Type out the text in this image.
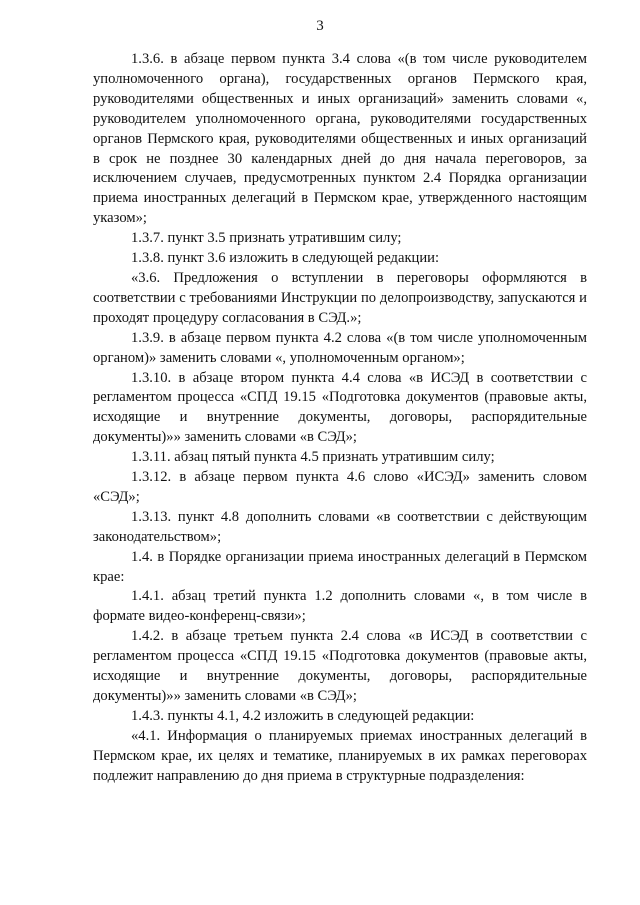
3

1.3.6. в абзаце первом пункта 3.4 слова «(в том числе руководителем уполномоченного органа), государственных органов Пермского края, руководителями общественных и иных организаций» заменить словами «, руководителем уполномоченного органа, руководителями государственных органов Пермского края, руководителями общественных и иных организаций в срок не позднее 30 календарных дней до дня начала переговоров, за исключением случаев, предусмотренных пунктом 2.4 Порядка организации приема иностранных делегаций в Пермском крае, утвержденного настоящим указом»;

1.3.7. пункт 3.5 признать утратившим силу;

1.3.8. пункт 3.6 изложить в следующей редакции:

«3.6. Предложения о вступлении в переговоры оформляются в соответствии с требованиями Инструкции по делопроизводству, запускаются и проходят процедуру согласования в СЭД.»;

1.3.9. в абзаце первом пункта 4.2 слова «(в том числе уполномоченным органом)» заменить словами «, уполномоченным органом»;

1.3.10. в абзаце втором пункта 4.4 слова «в ИСЭД в соответствии с регламентом процесса «СПД 19.15 «Подготовка документов (правовые акты, исходящие и внутренние документы, договоры, распорядительные документы)»» заменить словами «в СЭД»;

1.3.11. абзац пятый пункта 4.5 признать утратившим силу;

1.3.12. в абзаце первом пункта 4.6 слово «ИСЭД» заменить словом «СЭД»;

1.3.13. пункт 4.8 дополнить словами «в соответствии с действующим законодательством»;

1.4. в Порядке организации приема иностранных делегаций в Пермском крае:

1.4.1. абзац третий пункта 1.2 дополнить словами «, в том числе в формате видео-конференц-связи»;

1.4.2. в абзаце третьем пункта 2.4 слова «в ИСЭД в соответствии с регламентом процесса «СПД 19.15 «Подготовка документов (правовые акты, исходящие и внутренние документы, договоры, распорядительные документы)»» заменить словами «в СЭД»;

1.4.3. пункты 4.1, 4.2 изложить в следующей редакции:

«4.1. Информация о планируемых приемах иностранных делегаций в Пермском крае, их целях и тематике, планируемых в их рамках переговорах подлежит направлению до дня приема в структурные подразделения:
